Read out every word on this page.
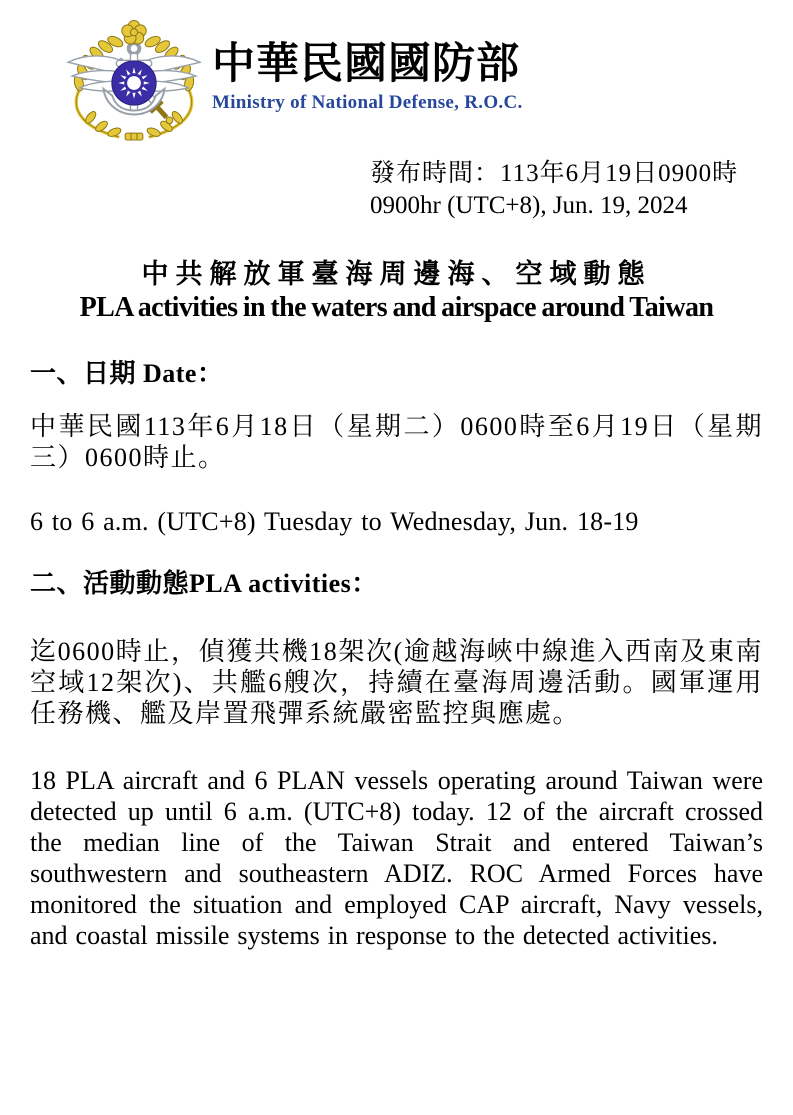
中華民國國防部
Ministry of National Defense, R.O.C.
發布時間：113年6月19日0900時
0900hr (UTC+8), Jun. 19, 2024
中共解放軍臺海周邊海、空域動態
PLA activities in the waters and airspace around Taiwan
一、日期 Date：

中華民國113年6月18日（星期二）0600時至6月19日（星期三）0600時止。

6 to 6 a.m. (UTC+8) Tuesday to Wednesday, Jun. 18-19

二、活動動態PLA activities：

迄0600時止，偵獲共機18架次(逾越海峽中線進入西南及東南空域12架次)、共艦6艘次，持續在臺海周邊活動。國軍運用任務機、艦及岸置飛彈系統嚴密監控與應處。

18 PLA aircraft and 6 PLAN vessels operating around Taiwan were detected up until 6 a.m. (UTC+8) today. 12 of the aircraft crossed the median line of the Taiwan Strait and entered Taiwan’s southwestern and southeastern ADIZ. ROC Armed Forces have monitored the situation and employed CAP aircraft, Navy vessels, and coastal missile systems in response to the detected activities.
